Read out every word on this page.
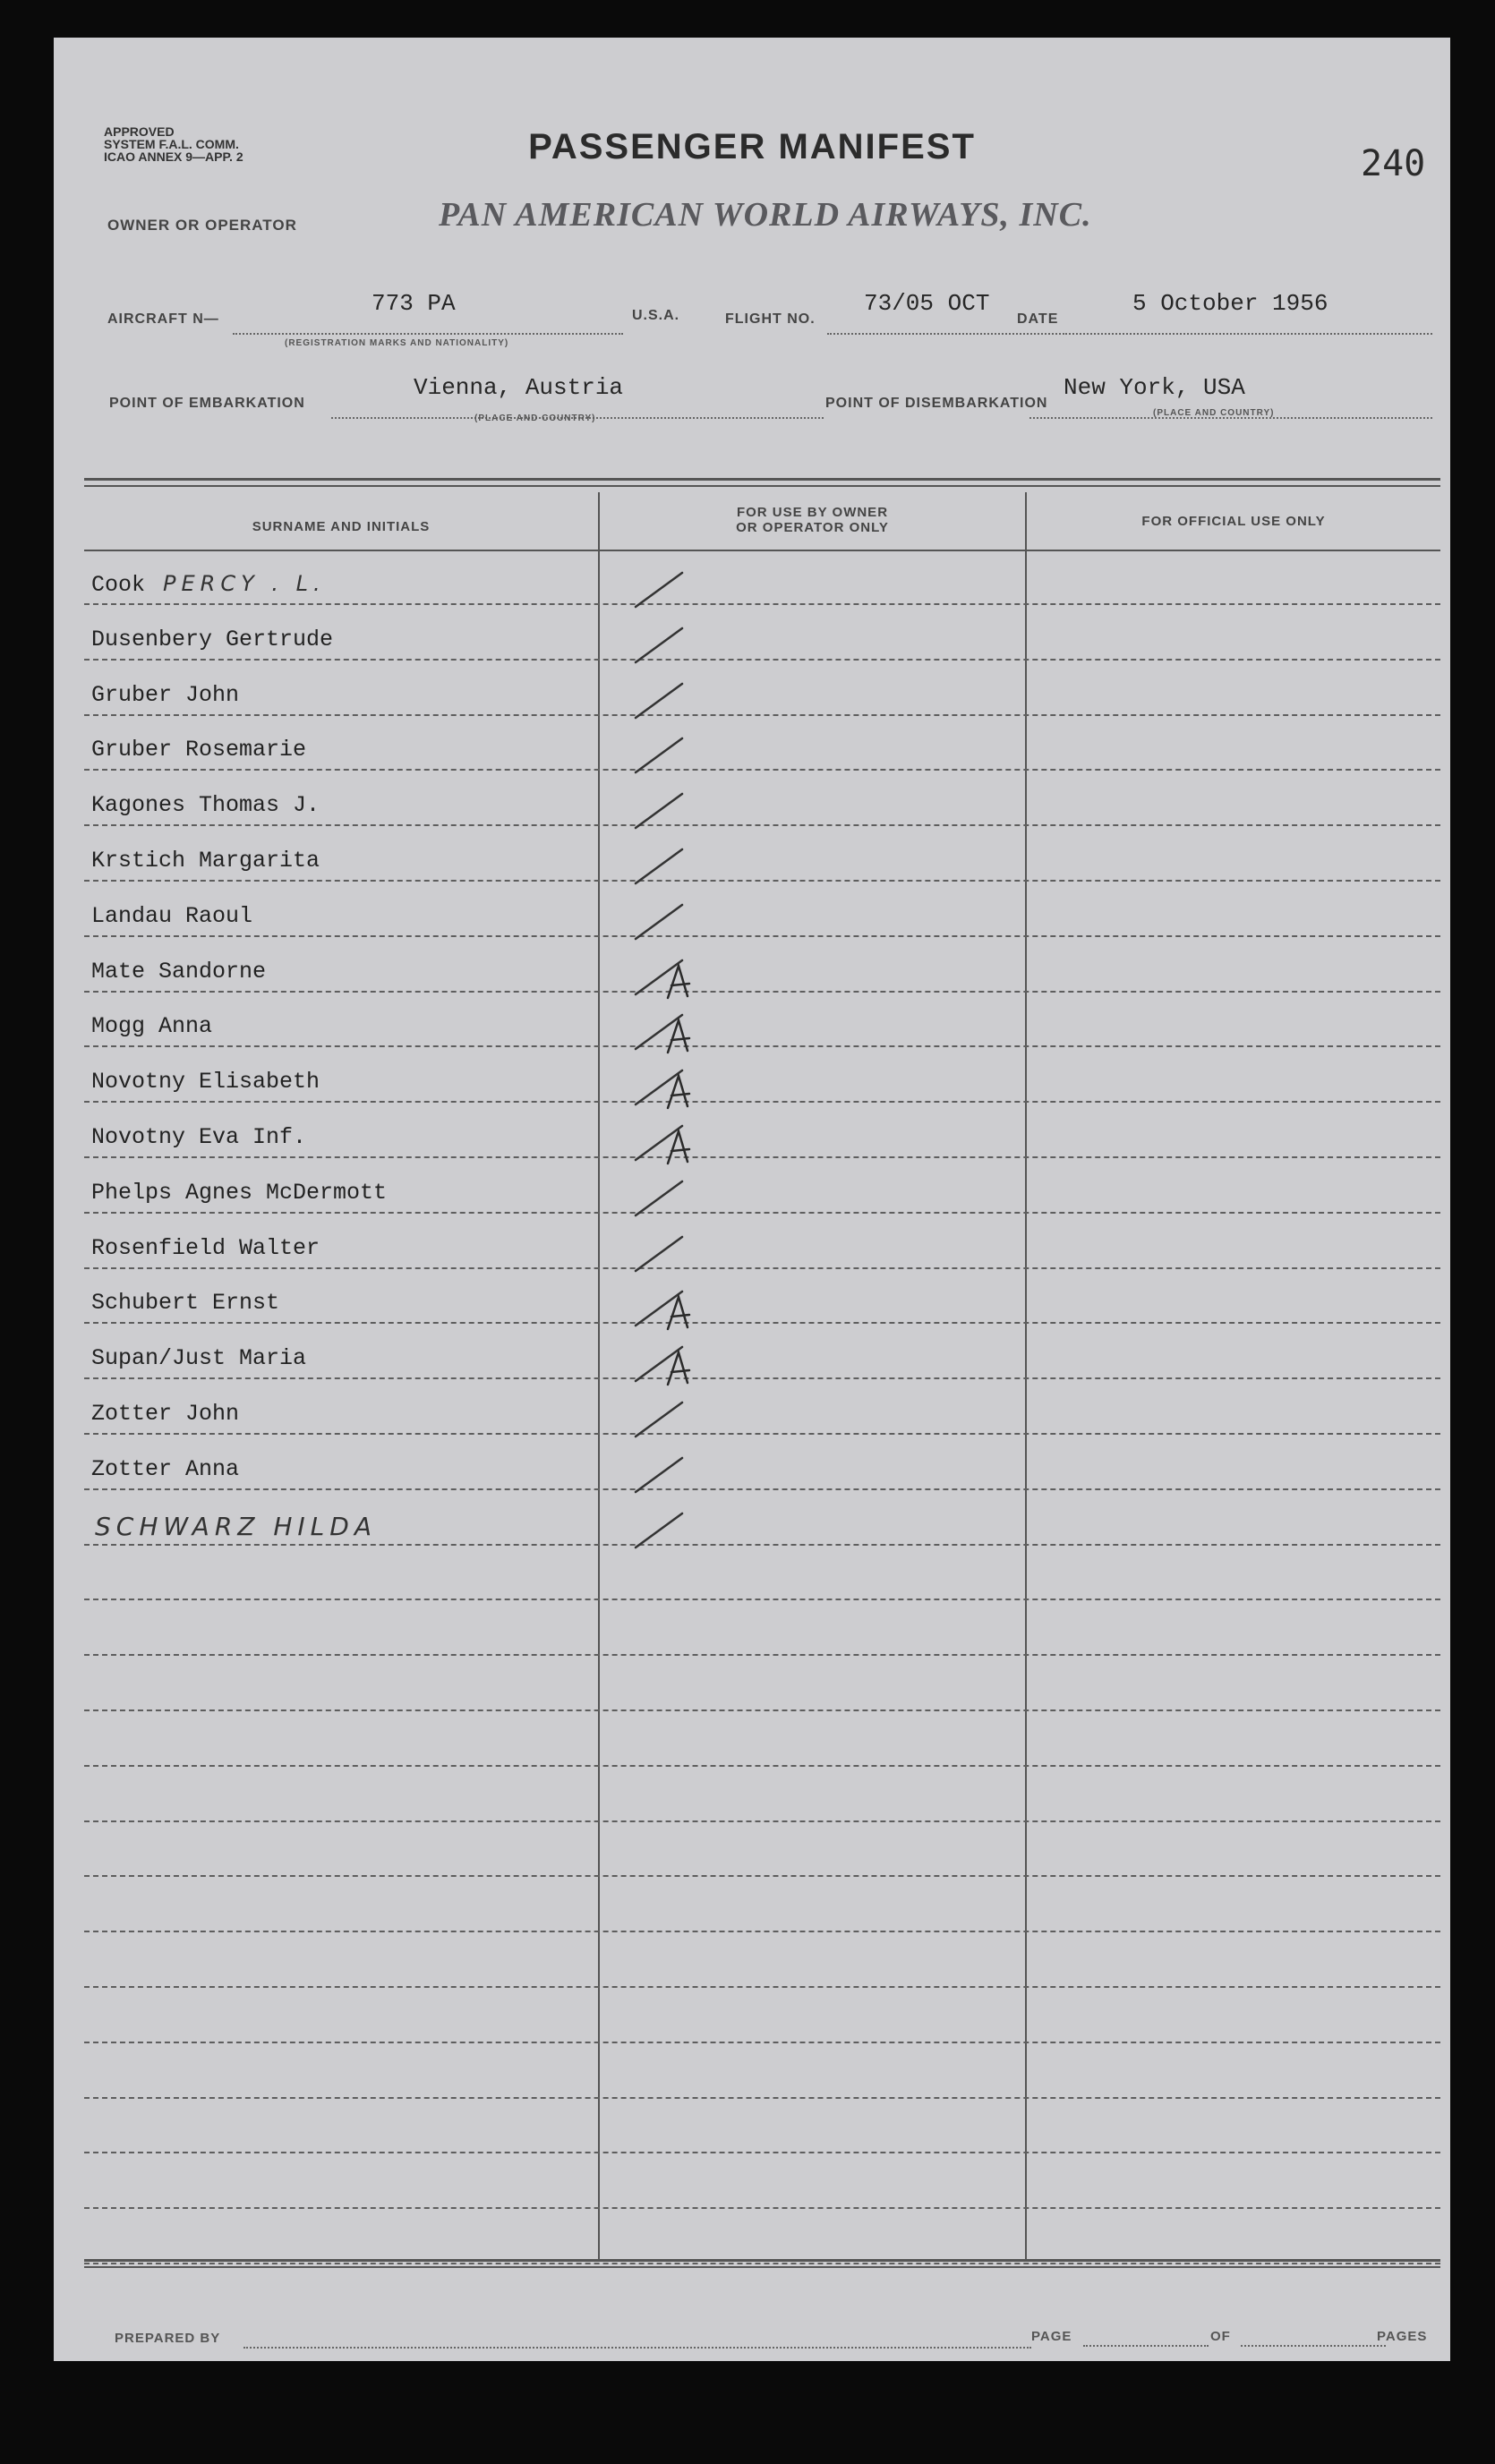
APPROVED
SYSTEM F.A.L. COMM.
ICAO ANNEX 9—APP. 2	PASSENGER MANIFEST	240
OWNER OR OPERATOR	PAN AMERICAN WORLD AIRWAYS, INC.
AIRCRAFT N—
773 PA
(REGISTRATION MARKS AND NATIONALITY)
U.S.A.	FLIGHT NO.
73/05 OCT
DATE
5 October 1956
POINT OF EMBARKATION
Vienna, Austria
(PLACE AND COUNTRY)
POINT OF DISEMBARKATION
New York, USA
(PLACE AND COUNTRY)
SURNAME AND INITIALS
FOR USE BY OWNER
OR OPERATOR ONLY	FOR OFFICIAL USE ONLY
Cook PERCY . L.
Dusenbery Gertrude
Gruber John
Gruber Rosemarie
Kagones Thomas J.
Krstich Margarita
Landau Raoul
Mate Sandorne
Mogg Anna
Novotny Elisabeth
Novotny Eva Inf.
Phelps Agnes McDermott
Rosenfield Walter
Schubert Ernst
Supan/Just Maria
Zotter John
Zotter Anna
SCHWARZ HILDA
PREPARED BY	PAGE	OF	PAGES
